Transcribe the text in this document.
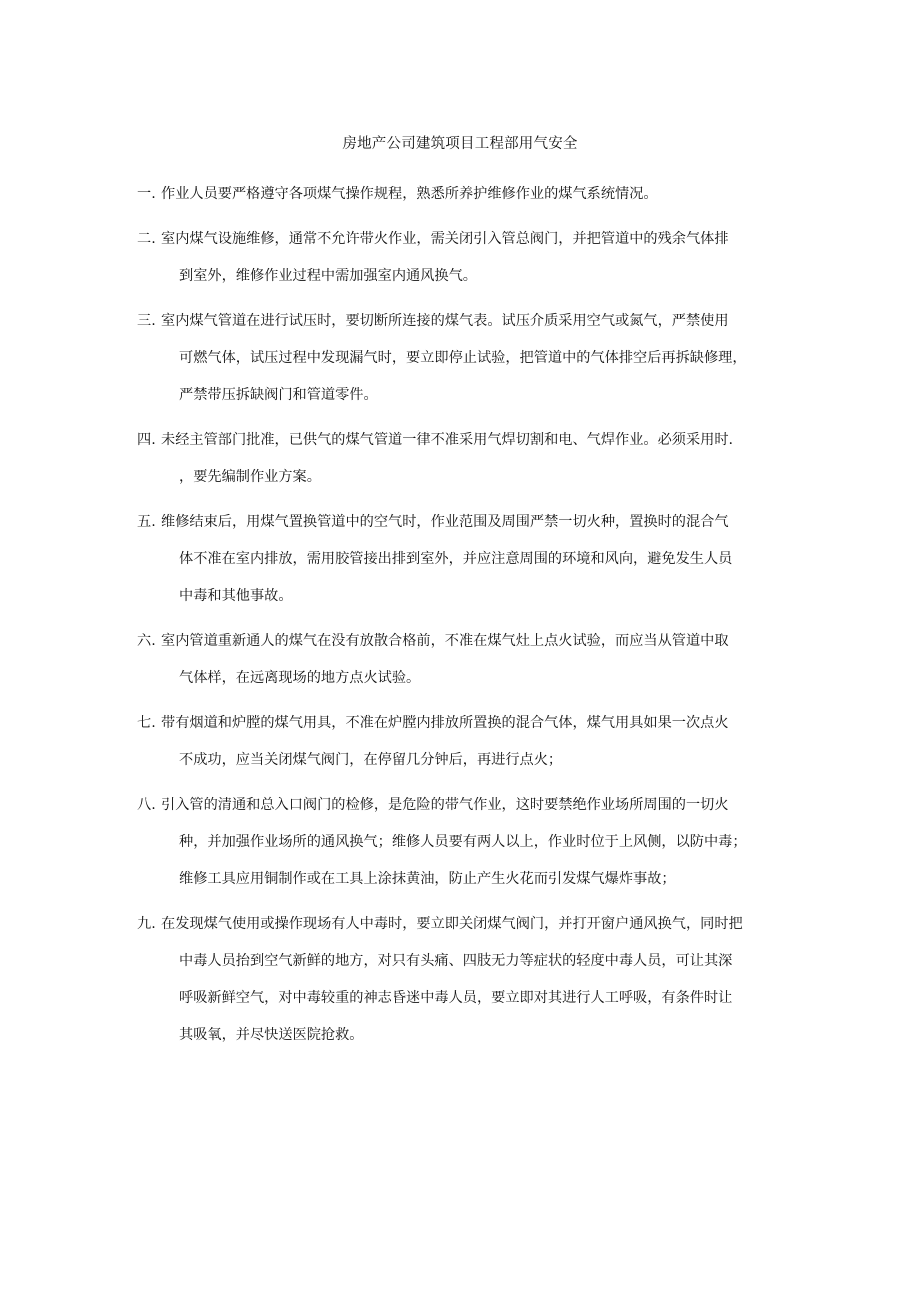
房地产公司建筑项目工程部用气安全
一. 作业人员要严格遵守各项煤气操作规程，熟悉所养护维修作业的煤气系统情况。
二. 室内煤气设施维修，通常不允许带火作业，需关闭引入管总阀门，并把管道中的残余气体排
到室外，维修作业过程中需加强室内通风换气。
三. 室内煤气管道在进行试压时，要切断所连接的煤气表。试压介质采用空气或氮气，严禁使用
可燃气体，试压过程中发现漏气时，要立即停止试验，把管道中的气体排空后再拆缺修理，
严禁带压拆缺阀门和管道零件。
四. 未经主管部门批准，已供气的煤气管道一律不准采用气焊切割和电、气焊作业。必须采用时.
，要先编制作业方案。
五. 维修结束后，用煤气置换管道中的空气时，作业范围及周围严禁一切火种，置换时的混合气
体不准在室内排放，需用胶管接出排到室外，并应注意周围的环境和风向，避免发生人员
中毒和其他事故。
六. 室内管道重新通人的煤气在没有放散合格前，不准在煤气灶上点火试验，而应当从管道中取
气体样，在远离现场的地方点火试验。
七. 带有烟道和炉膛的煤气用具，不准在炉膛内排放所置换的混合气体，煤气用具如果一次点火
不成功，应当关闭煤气阀门，在停留几分钟后，再进行点火；
八. 引入管的清通和总入口阀门的检修，是危险的带气作业，这时要禁绝作业场所周围的一切火
种，并加强作业场所的通风换气；维修人员要有两人以上，作业时位于上风侧，以防中毒；
维修工具应用铜制作或在工具上涂抹黄油，防止产生火花而引发煤气爆炸事故；
九. 在发现煤气使用或操作现场有人中毒时，要立即关闭煤气阀门，并打开窗户通风换气，同时把
中毒人员抬到空气新鲜的地方，对只有头痛、四肢无力等症状的轻度中毒人员，可让其深
呼吸新鲜空气，对中毒较重的神志昏迷中毒人员，要立即对其进行人工呼吸，有条件时让
其吸氧，并尽快送医院抢救。
